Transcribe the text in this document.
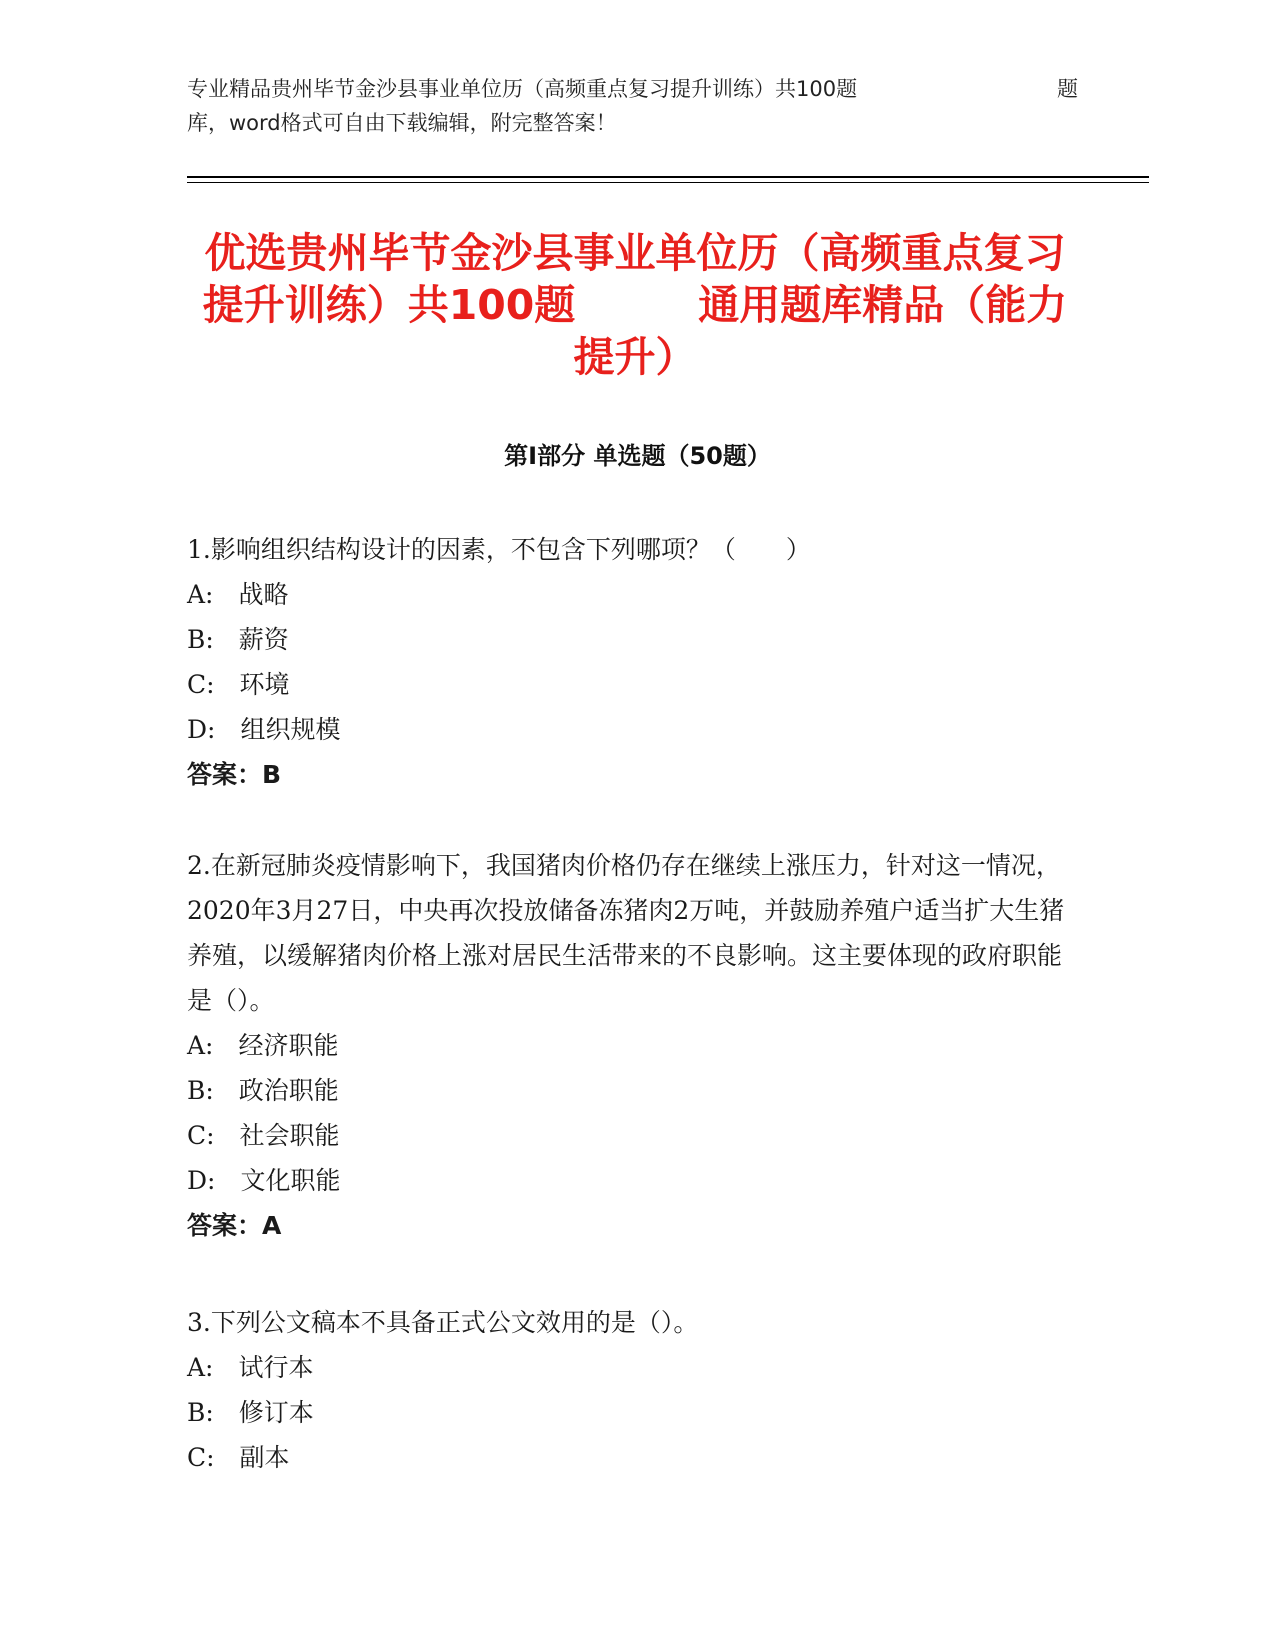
专业精品贵州毕节金沙县事业单位历（高频重点复习提升训练）共100题	题
库，word格式可自由下载编辑，附完整答案！
优选贵州毕节金沙县事业单位历（高频重点复习提升训练）共100题　　　通用题库精品（能力提升）
第Ⅰ部分 单选题（50题）
1.影响组织结构设计的因素，不包含下列哪项？（　　）
A:　战略
B:　薪资
C:　环境
D:　组织规模
答案：B
2.在新冠肺炎疫情影响下，我国猪肉价格仍存在继续上涨压力，针对这一情况，2020年3月27日，中央再次投放储备冻猪肉2万吨，并鼓励养殖户适当扩大生猪养殖，以缓解猪肉价格上涨对居民生活带来的不良影响。这主要体现的政府职能是（）。
A:　经济职能
B:　政治职能
C:　社会职能
D:　文化职能
答案：A
3.下列公文稿本不具备正式公文效用的是（）。
A:　试行本
B:　修订本
C:　副本
